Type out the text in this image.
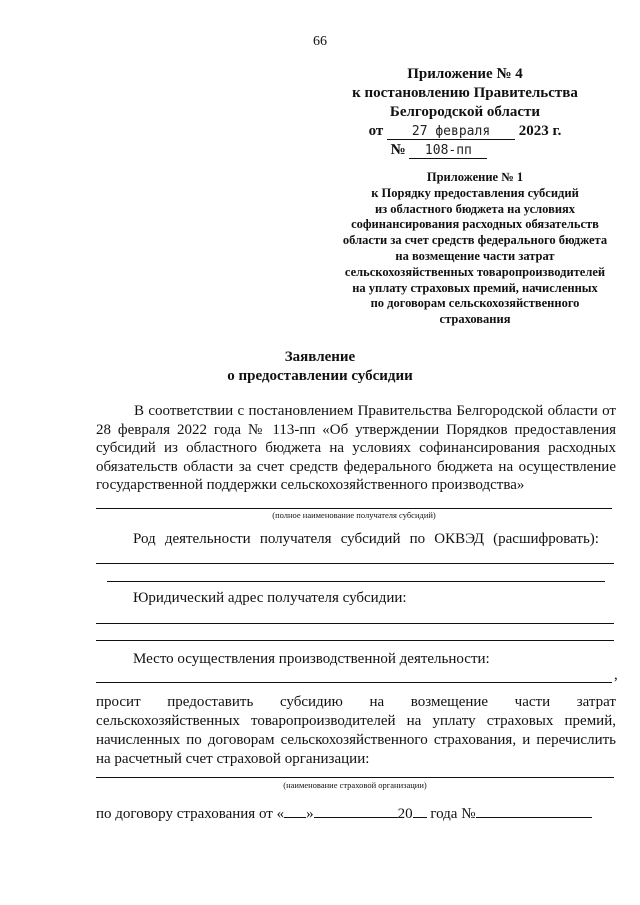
66
Приложение № 4
к постановлению Правительства
Белгородской области
от 27 февраля 2023 г.
№ 108-пп
Приложение № 1
к Порядку предоставления субсидий
из областного бюджета на условиях
софинансирования расходных обязательств
области за счет средств федерального бюджета
на возмещение части затрат
сельскохозяйственных товаропроизводителей
на уплату страховых премий, начисленных
по договорам сельскохозяйственного
страхования
Заявление
о предоставлении субсидии
В соответствии с постановлением Правительства Белгородской области от 28 февраля 2022 года № 113-пп «Об утверждении Порядков предоставления субсидий из областного бюджета на условиях софинансирования расходных обязательств области за счет средств федерального бюджета на осуществление государственной поддержки сельскохозяйственного производства»
(полное наименование получателя субсидий)
Род деятельности получателя субсидий по ОКВЭД (расшифровать):
Юридический адрес получателя субсидии:
Место осуществления производственной деятельности:
,
просит предоставить субсидию на возмещение части затрат
сельскохозяйственных товаропроизводителей на уплату страховых премий, начисленных по договорам сельскохозяйственного страхования, и перечислить на расчетный счет страховой организации:
(наименование страховой организации)
по договору страхования от « »	20 года №
